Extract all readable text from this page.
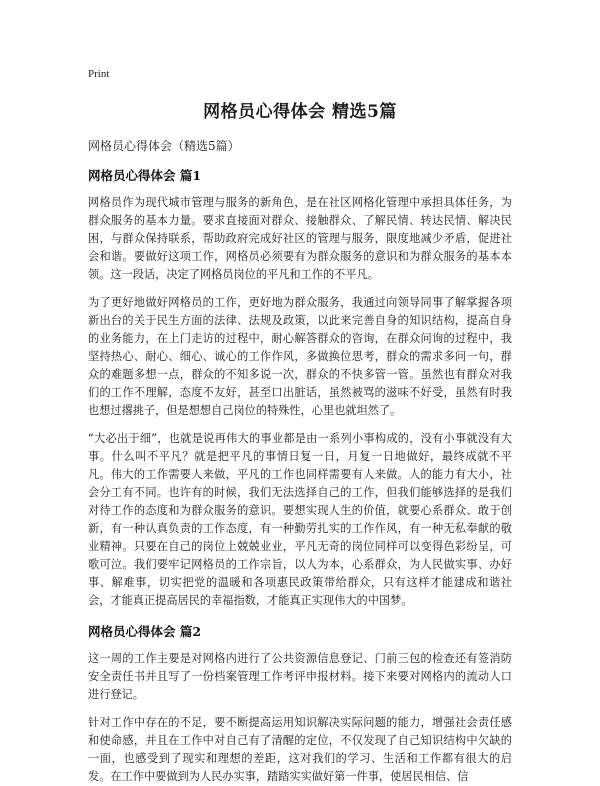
Print
网格员心得体会 精选5篇

网格员心得体会（精选5篇）

网格员心得体会 篇1

网格员作为现代城市管理与服务的新角色，是在社区网格化管理中承担具体任务，为群众服务的基本力量。要求直接面对群众、接触群众、了解民情、转达民情、解决民困，与群众保持联系，帮助政府完成好社区的管理与服务，限度地减少矛盾，促进社会和谐。要做好这项工作，网格员必须要有为群众服务的意识和为群众服务的基本本领。这一段话，决定了网格员岗位的平凡和工作的不平凡。

为了更好地做好网格员的工作，更好地为群众服务，我通过向领导同事了解掌握各项新出台的关于民生方面的法律、法规及政策，以此来完善自身的知识结构，提高自身的业务能力，在上门走访的过程中，耐心解答群众的咨询，在群众问询的过程中，我坚持热心、耐心、细心、诚心的工作作风，多做换位思考，群众的需求多问一句，群众的难题多想一点，群众的不知多说一次，群众的不快多管一管。虽然也有群众对我们的工作不理解，态度不友好，甚至口出脏话，虽然被骂的滋味不好受，虽然有时我也想过撂挑子，但是想想自己岗位的特殊性，心里也就坦然了。

“大必出于细”，也就是说再伟大的事业都是由一系列小事构成的，没有小事就没有大事。什么叫不平凡？就是把平凡的事情日复一日，月复一日地做好，最终成就不平凡。伟大的工作需要人来做，平凡的工作也同样需要有人来做。人的能力有大小，社会分工有不同。也许有的时候，我们无法选择自己的工作，但我们能够选择的是我们对待工作的态度和为群众服务的意识。要想实现人生的价值，就要心系群众、敢于创新，有一种认真负责的工作态度，有一种勤劳扎实的工作作风，有一种无私奉献的敬业精神。只要在自己的岗位上兢兢业业，平凡无奇的岗位同样可以变得色彩纷呈，可歌可泣。我们要牢记网格员的工作宗旨，以人为本，心系群众，为人民做实事、办好事、解难事，切实把党的温暖和各项惠民政策带给群众，只有这样才能建成和谐社会，才能真正提高居民的幸福指数，才能真正实现伟大的中国梦。

网格员心得体会 篇2

这一周的工作主要是对网格内进行了公共资源信息登记、门前三包的检查还有签消防安全责任书并且写了一份档案管理工作考评申报材料。接下来要对网格内的流动人口进行登记。

针对工作中存在的不足，要不断提高运用知识解决实际问题的能力，增强社会责任感和使命感，并且在工作中对自己有了清醒的定位，不仅发现了自己知识结构中欠缺的一面，也感受到了现实和理想的差距，这对我们的学习、生活和工作都有很大的启发。在工作中要做到为人民办实事，踏踏实实做好第一件事，使居民相信、信
